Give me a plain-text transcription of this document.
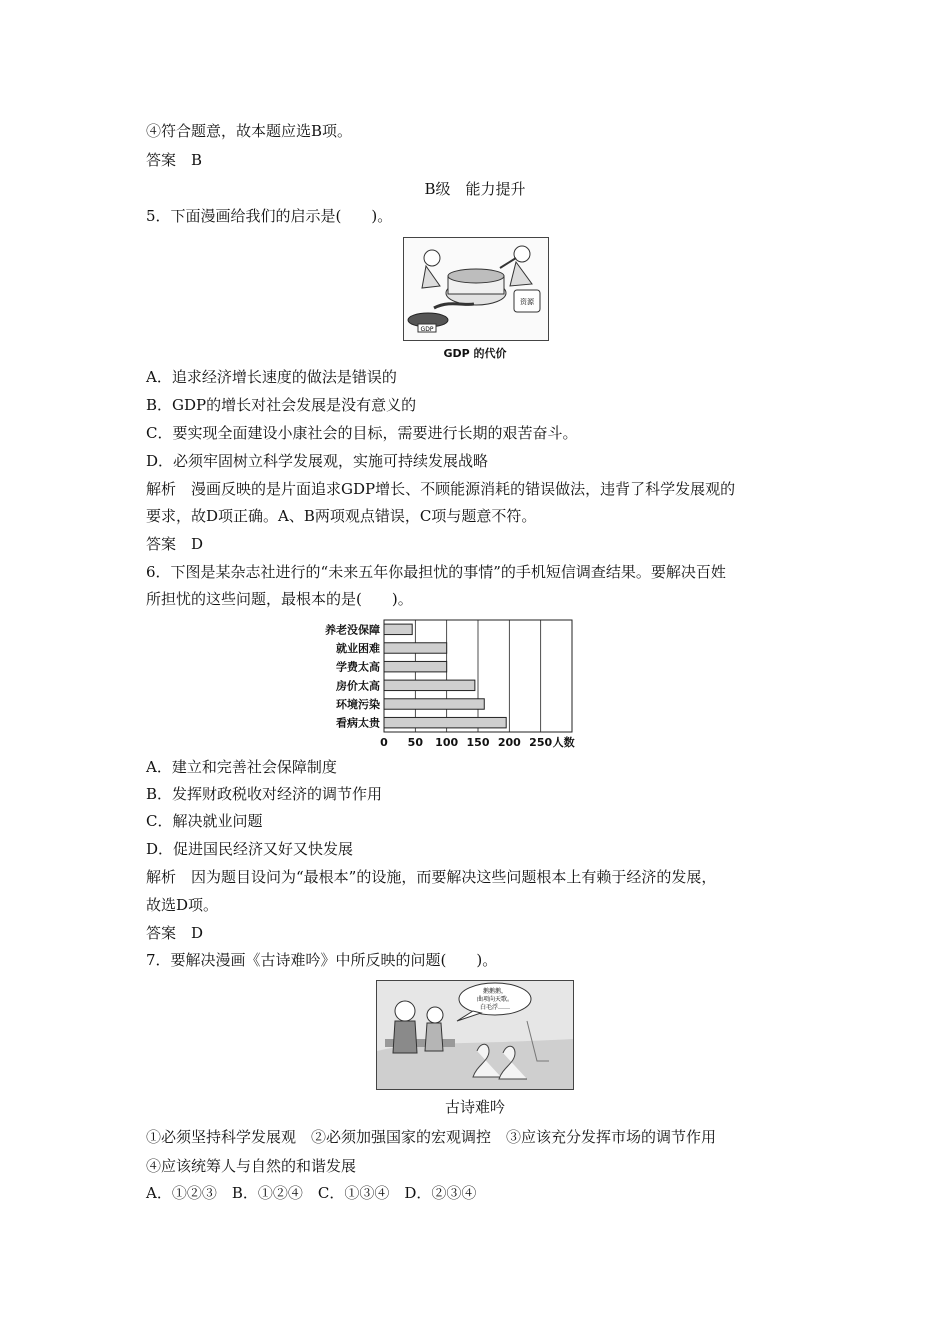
④符合题意，故本题应选B项。
答案　B
B级　能力提升
5．下面漫画给我们的启示是(　　)。
GDP
资源
GDP 的代价
A．追求经济增长速度的做法是错误的
B．GDP的增长对社会发展是没有意义的
C．要实现全面建设小康社会的目标，需要进行长期的艰苦奋斗。
D．必须牢固树立科学发展观，实施可持续发展战略
解析　漫画反映的是片面追求GDP增长、不顾能源消耗的错误做法，违背了科学发展观的
要求，故D项正确。A、B两项观点错误，C项与题意不符。
答案　D
6．下图是某杂志社进行的“未来五年你最担忧的事情”的手机短信调查结果。要解决百姓
所担忧的这些问题，最根本的是(　　)。
养老没保障
就业困难
学费太高
房价太高
环境污染
看病太贵
0 50 100 150 200 250 人数
A．建立和完善社会保障制度
B．发挥财政税收对经济的调节作用
C．解决就业问题
D．促进国民经济又好又快发展
解析　因为题目设问为“最根本”的设施，而要解决这些问题根本上有赖于经济的发展，
故选D项。
答案　D
7．要解决漫画《古诗难吟》中所反映的问题(　　)。
鹅鹅鹅，
曲项向天歌。
白毛浮……
古诗难吟
①必须坚持科学发展观　②必须加强国家的宏观调控　③应该充分发挥市场的调节作用
④应该统筹人与自然的和谐发展
A．①②③　B．①②④　C．①③④　D．②③④
